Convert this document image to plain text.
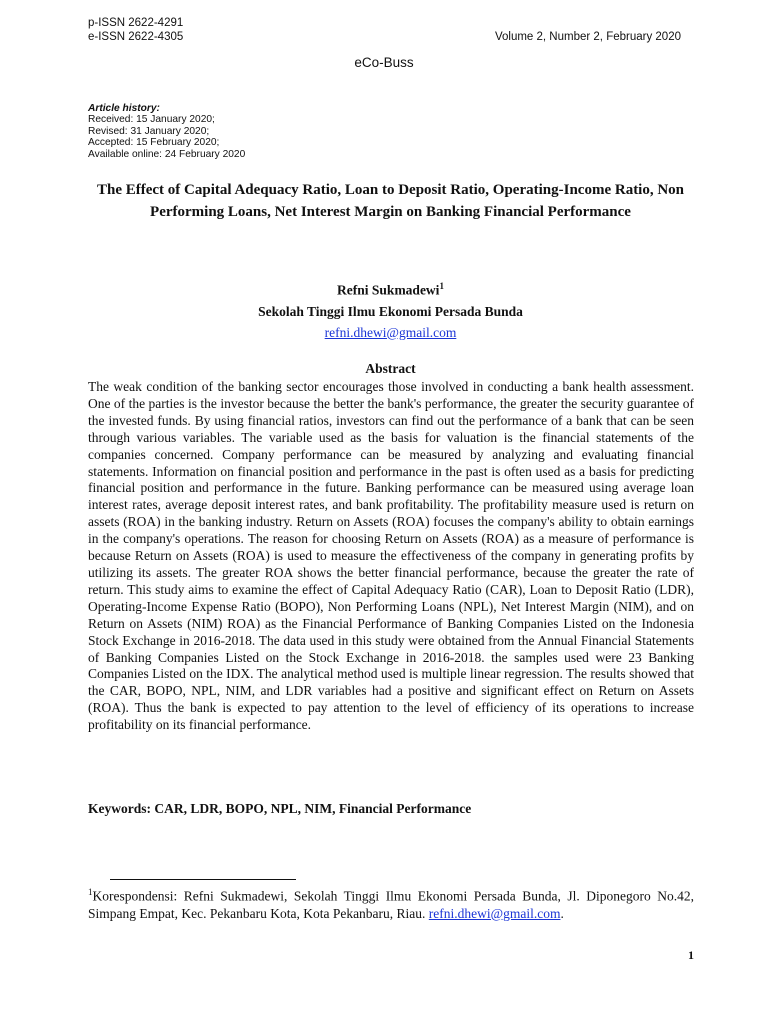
p-ISSN 2622-4291
e-ISSN 2622-4305	Volume 2, Number 2, February 2020
eCo-Buss
Article history:
Received: 15 January 2020;
Revised: 31 January 2020;
Accepted: 15 February 2020;
Available online: 24 February 2020
The Effect of Capital Adequacy Ratio, Loan to Deposit Ratio, Operating-Income Ratio, Non Performing Loans, Net Interest Margin on Banking Financial Performance
Refni Sukmadewi$^1$
Sekolah Tinggi Ilmu Ekonomi Persada Bunda
refni.dhewi@gmail.com
Abstract

The weak condition of the banking sector encourages those involved in conducting a bank health assessment. One of the parties is the investor because the better the bank's performance, the greater the security guarantee of the invested funds. By using financial ratios, investors can find out the performance of a bank that can be seen through various variables. The variable used as the basis for valuation is the financial statements of the companies concerned. Company performance can be measured by analyzing and evaluating financial statements. Information on financial position and performance in the past is often used as a basis for predicting financial position and performance in the future. Banking performance can be measured using average loan interest rates, average deposit interest rates, and bank profitability. The profitability measure used is return on assets (ROA) in the banking industry. Return on Assets (ROA) focuses the company's ability to obtain earnings in the company's operations. The reason for choosing Return on Assets (ROA) as a measure of performance is because Return on Assets (ROA) is used to measure the effectiveness of the company in generating profits by utilizing its assets. The greater ROA shows the better financial performance, because the greater the rate of return. This study aims to examine the effect of Capital Adequacy Ratio (CAR), Loan to Deposit Ratio (LDR), Operating-Income Expense Ratio (BOPO), Non Performing Loans (NPL), Net Interest Margin (NIM), and on Return on Assets (NIM) ROA) as the Financial Performance of Banking Companies Listed on the Indonesia Stock Exchange in 2016-2018. The data used in this study were obtained from the Annual Financial Statements of Banking Companies Listed on the Stock Exchange in 2016-2018. the samples used were 23 Banking Companies Listed on the IDX. The analytical method used is multiple linear regression. The results showed that the CAR, BOPO, NPL, NIM, and LDR variables had a positive and significant effect on Return on Assets (ROA). Thus the bank is expected to pay attention to the level of efficiency of its operations to increase profitability on its financial performance.

Keywords: CAR, LDR, BOPO, NPL, NIM, Financial Performance

$^1$Korespondensi: Refni Sukmadewi, Sekolah Tinggi Ilmu Ekonomi Persada Bunda, Jl. Diponegoro No.42, Simpang Empat, Kec. Pekanbaru Kota, Kota Pekanbaru, Riau. refni.dhewi@gmail.com.

1
